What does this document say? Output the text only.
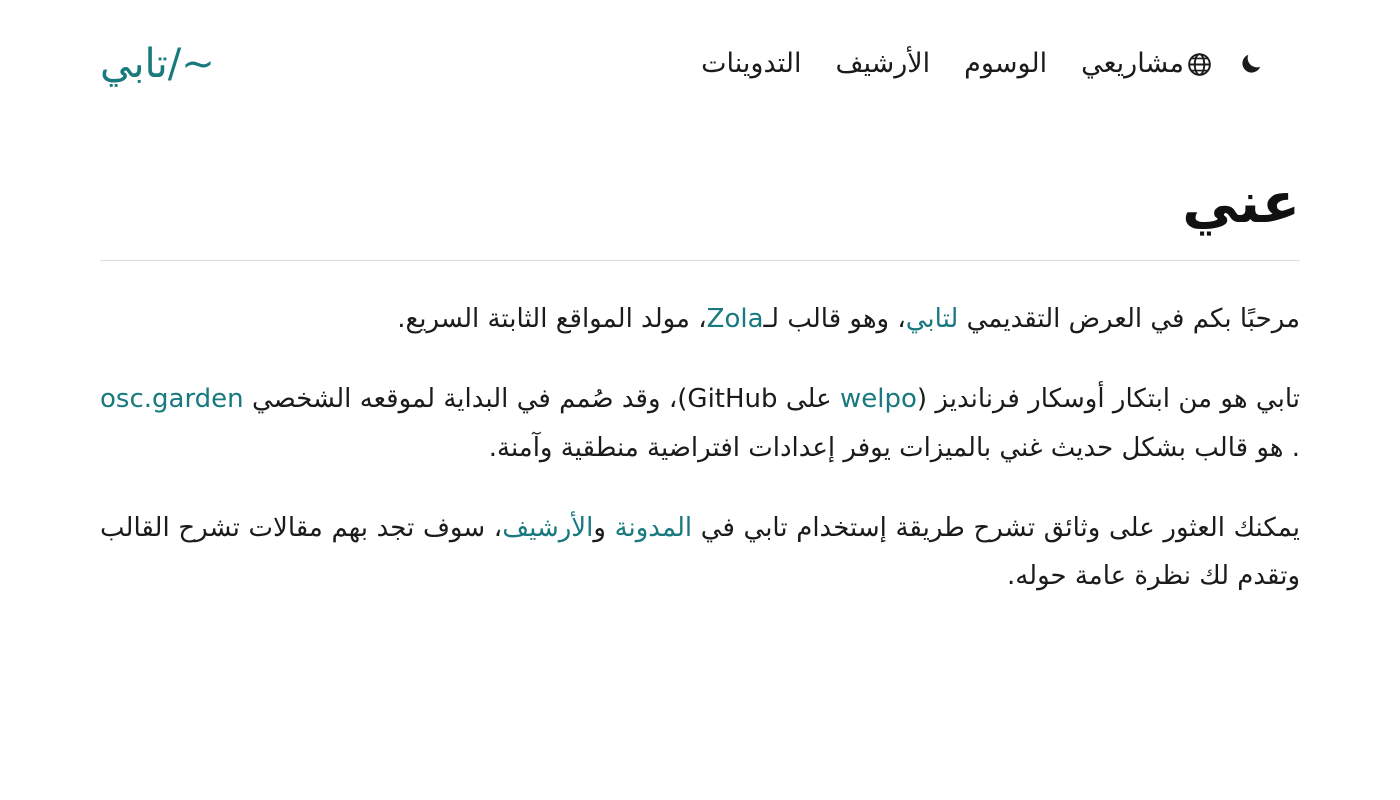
مشاريعي
الوسوم
الأرشيف
التدوينات
~/تابي
عني

مرحبًا بكم في العرض التقديمي لتابي، وهو قالب لـZola، مولد المواقع الثابتة السريع.

تابي هو من ابتكار أوسكار فرنانديز (welpo على GitHub)، وقد صُمم في البداية لموقعه الشخصي osc.garden. هو قالب بشكل حديث غني بالميزات يوفر إعدادات افتراضية منطقية وآمنة.

يمكنك العثور على وثائق تشرح طريقة إستخدام تابي في المدونة والأرشيف، سوف تجد بهم مقالات تشرح القالب وتقدم لك نظرة عامة حوله.
